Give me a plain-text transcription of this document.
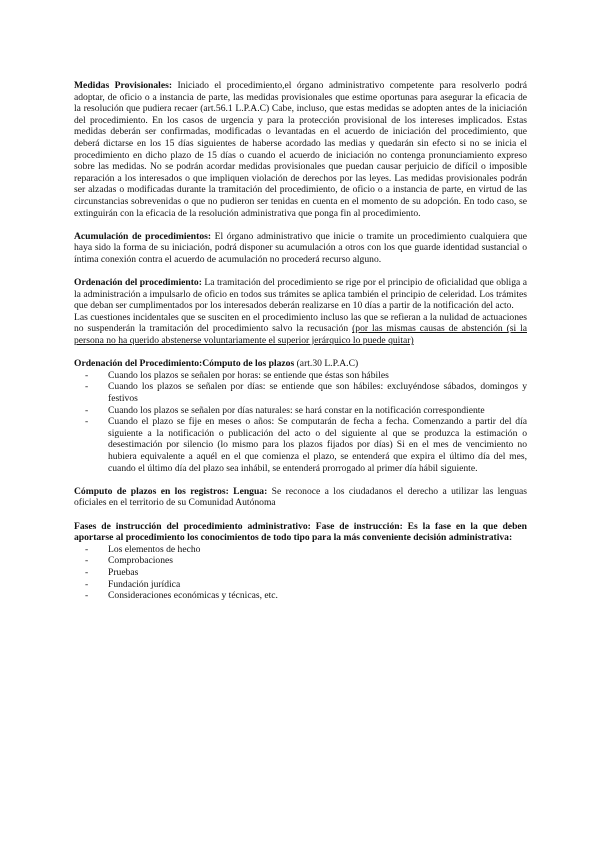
Medidas Provisionales: Iniciado el procedimiento,el órgano administrativo competente para resolverlo podrá adoptar, de oficio o a instancia de parte, las medidas provisionales que estime oportunas para asegurar la eficacia de la resolución que pudiera recaer (art.56.1 L.P.A.C) Cabe, incluso, que estas medidas se adopten antes de la iniciación del procedimiento. En los casos de urgencia y para la protección provisional de los intereses implicados. Estas medidas deberán ser confirmadas, modificadas o levantadas en el acuerdo de iniciación del procedimiento, que deberá dictarse en los 15 días siguientes de haberse acordado las medias y quedarán sin efecto si no se inicia el procedimiento en dicho plazo de 15 días o cuando el acuerdo de iniciación no contenga pronunciamiento expreso sobre las medidas. No se podrán acordar medidas provisionales que puedan causar perjuicio de difícil o imposible reparación a los interesados o que impliquen violación de derechos por las leyes. Las medidas provisionales podrán ser alzadas o modificadas durante la tramitación del procedimiento, de oficio o a instancia de parte, en virtud de las circunstancias sobrevenidas o que no pudieron ser tenidas en cuenta en el momento de su adopción. En todo caso, se extinguirán con la eficacia de la resolución administrativa que ponga fin al procedimiento.

Acumulación de procedimientos: El órgano administrativo que inicie o tramite un procedimiento cualquiera que haya sido la forma de su iniciación, podrá disponer su acumulación a otros con los que guarde identidad sustancial o íntima conexión contra el acuerdo de acumulación no procederá recurso alguno.

Ordenación del procedimiento: La tramitación del procedimiento se rige por el principio de oficialidad que obliga a la administración a impulsarlo de oficio en todos sus trámites se aplica también el principio de celeridad. Los trámites que deban ser cumplimentados por los interesados deberán realizarse en 10 días a partir de la notificación del acto.

Las cuestiones incidentales que se susciten en el procedimiento incluso las que se refieran a la nulidad de actuaciones no suspenderán la tramitación del procedimiento salvo la recusación (por las mismas causas de abstención (si la persona no ha querido abstenerse voluntariamente el superior jerárquico lo puede quitar)

Ordenación del Procedimiento:Cómputo de los plazos (art.30 L.P.A.C)

- Cuando los plazos se señalen por horas: se entiende que éstas son hábiles
- Cuando los plazos se señalen por días: se entiende que son hábiles: excluyéndose sábados, domingos y festivos
- Cuando los plazos se señalen por días naturales: se hará constar en la notificación correspondiente
- Cuando el plazo se fije en meses o años: Se computarán de fecha a fecha. Comenzando a partir del día siguiente a la notificación o publicación del acto o del siguiente al que se produzca la estimación o desestimación por silencio (lo mismo para los plazos fijados por días) Si en el mes de vencimiento no hubiera equivalente a aquél en el que comienza el plazo, se entenderá que expira el último día del mes, cuando el último día del plazo sea inhábil, se entenderá prorrogado al primer día hábil siguiente.

Cómputo de plazos en los registros: Lengua: Se reconoce a los ciudadanos el derecho a utilizar las lenguas oficiales en el territorio de su Comunidad Autónoma

Fases de instrucción del procedimiento administrativo: Fase de instrucción: Es la fase en la que deben aportarse al procedimiento los conocimientos de todo tipo para la más conveniente decisión administrativa:

- Los elementos de hecho
- Comprobaciones
- Pruebas
- Fundación jurídica
- Consideraciones económicas y técnicas, etc.
